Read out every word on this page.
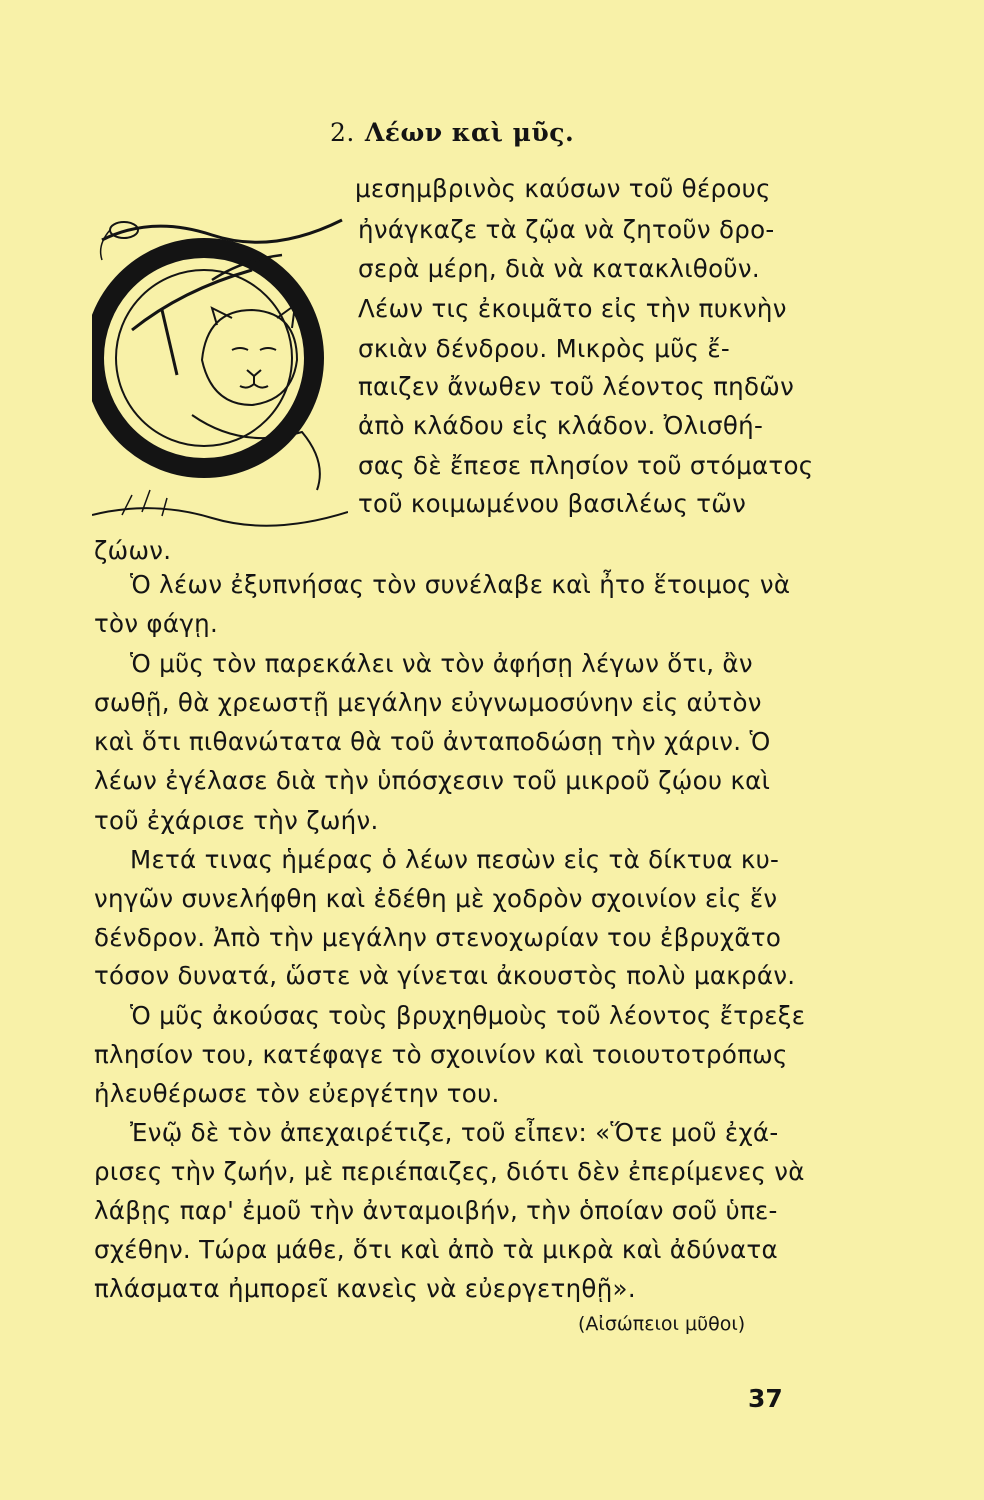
2. Λέων καὶ μῦς.
μεσημβρινὸς καύσων τοῦ θέρους
ἠνάγκαζε τὰ ζῷα νὰ ζητοῦν δρο-
σερὰ μέρη, διὰ νὰ κατακλιθοῦν.
Λέων τις ἐκοιμᾶτο εἰς τὴν πυκνὴν
σκιὰν δένδρου. Μικρὸς μῦς ἔ-
παιζεν ἄνωθεν τοῦ λέοντος πηδῶν
ἀπὸ κλάδου εἰς κλάδον. Ὀλισθή-
σας δὲ ἔπεσε πλησίον τοῦ στόματος
τοῦ κοιμωμένου βασιλέως τῶν
ζώων.
Ὁ λέων ἐξυπνήσας τὸν συνέλαβε καὶ ἦτο ἕτοιμος νὰ
τὸν φάγῃ.
Ὁ μῦς τὸν παρεκάλει νὰ τὸν ἀφήσῃ λέγων ὅτι, ἂν
σωθῇ, θὰ χρεωστῇ μεγάλην εὐγνωμοσύνην εἰς αὐτὸν
καὶ ὅτι πιθανώτατα θὰ τοῦ ἀνταποδώσῃ τὴν χάριν. Ὁ
λέων ἐγέλασε διὰ τὴν ὑπόσχεσιν τοῦ μικροῦ ζῴου καὶ
τοῦ ἐχάρισε τὴν ζωήν.
Μετά τινας ἡμέρας ὁ λέων πεσὼν εἰς τὰ δίκτυα κυ-
νηγῶν συνελήφθη καὶ ἐδέθη μὲ χοδρὸν σχοινίον εἰς ἕν
δένδρον. Ἀπὸ τὴν μεγάλην στενοχωρίαν του ἐβρυχᾶτο
τόσον δυνατά, ὥστε νὰ γίνεται ἀκουστὸς πολὺ μακράν.
Ὁ μῦς ἀκούσας τοὺς βρυχηθμοὺς τοῦ λέοντος ἔτρεξε
πλησίον του, κατέφαγε τὸ σχοινίον καὶ τοιουτοτρόπως
ἠλευθέρωσε τὸν εὐεργέτην του.
Ἐνῷ δὲ τὸν ἀπεχαιρέτιζε, τοῦ εἶπεν: «Ὅτε μοῦ ἐχά-
ρισες τὴν ζωήν, μὲ περιέπαιζες, διότι δὲν ἐπερίμενες νὰ
λάβῃς παρ' ἐμοῦ τὴν ἀνταμοιβήν, τὴν ὁποίαν σοῦ ὑπε-
σχέθην. Τώρα μάθε, ὅτι καὶ ἀπὸ τὰ μικρὰ καὶ ἀδύνατα
πλάσματα ἠμπορεῖ κανεὶς νὰ εὐεργετηθῇ».
(Αἰσώπειοι μῦθοι)
37
